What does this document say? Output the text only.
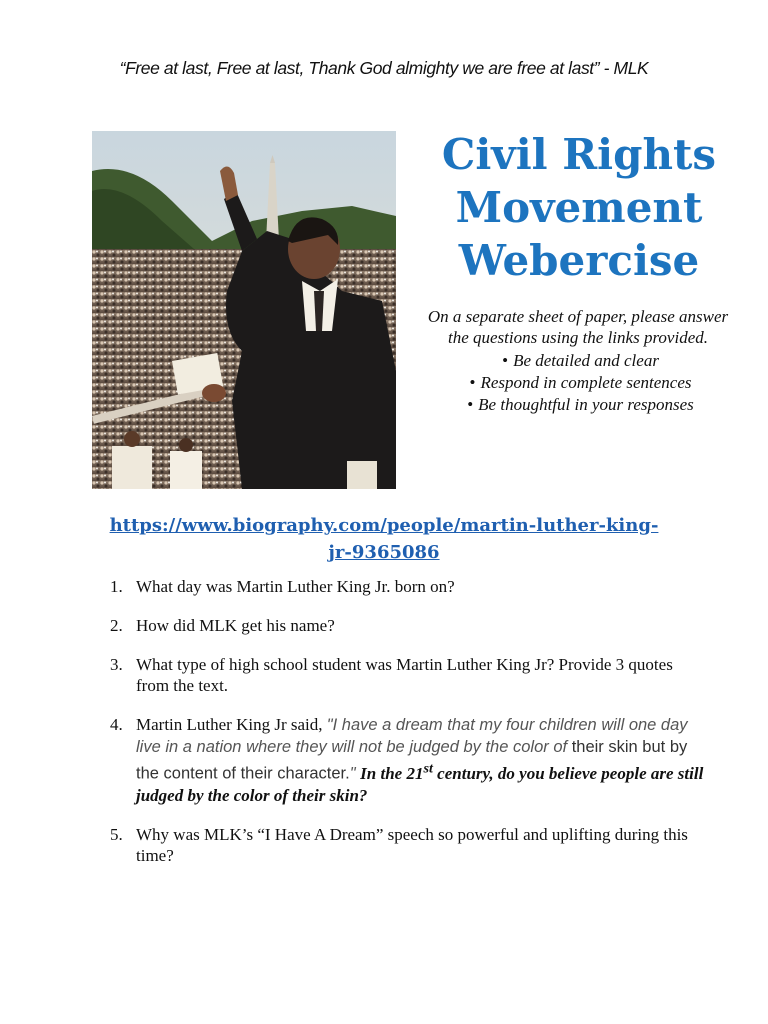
“Free at last, Free at last, Thank God almighty we are free at last” - MLK
Civil Rights
Movement
Webercise
On a separate sheet of paper, please answer the questions using the links provided.
• Be detailed and clear
• Respond in complete sentences
• Be thoughtful in your responses
https://www.biography.com/people/martin-luther-king-
jr-9365086
1. What day was Martin Luther King Jr. born on?
2. How did MLK get his name?
3. What type of high school student was Martin Luther King Jr? Provide 3 quotes from the text.
4. Martin Luther King Jr said, "I have a dream that my four children will one day live in a nation where they will not be judged by the color of their skin but by the content of their character." In the 21st century, do you believe people are still judged by the color of their skin?
5. Why was MLK’s “I Have A Dream” speech so powerful and uplifting during this time?
